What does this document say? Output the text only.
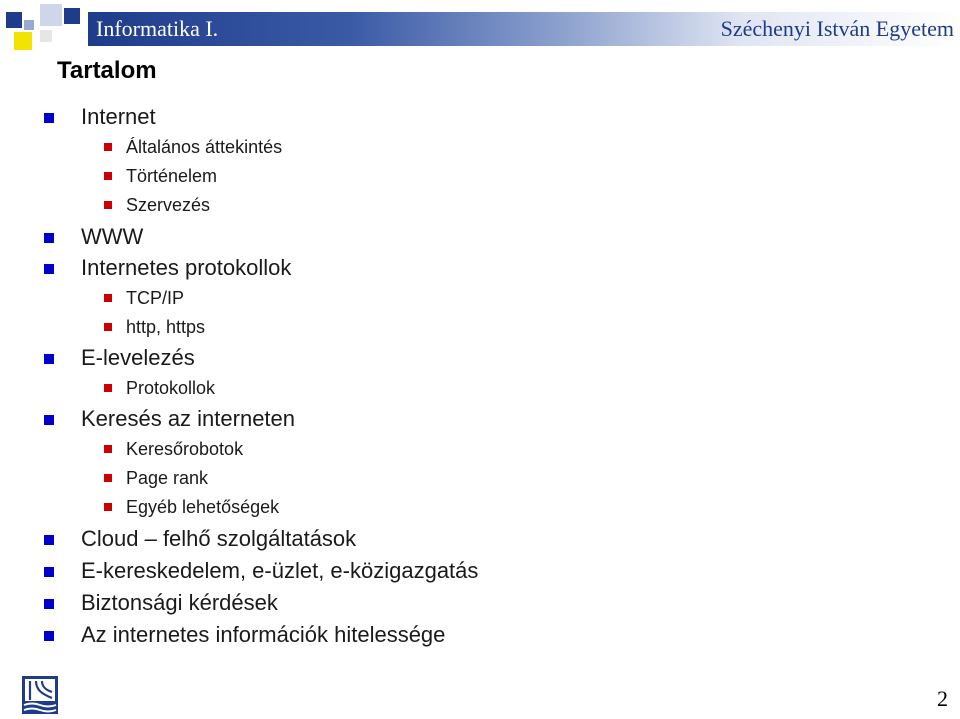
Informatika I.	Széchenyi István Egyetem
Tartalom
Internet
Általános áttekintés
Történelem
Szervezés
WWW
Internetes protokollok
TCP/IP
http, https
E-levelezés
Protokollok
Keresés az interneten
Keresőrobotok
Page rank
Egyéb lehetőségek
Cloud – felhő szolgáltatások
E-kereskedelem, e-üzlet, e-közigazgatás
Biztonsági kérdések
Az internetes információk hitelessége
2
